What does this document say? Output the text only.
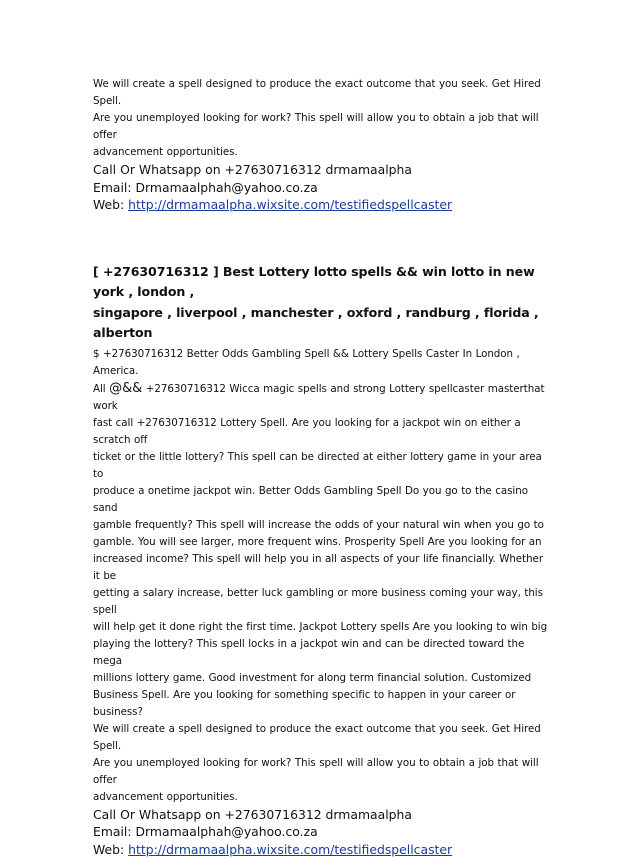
We will create a spell designed to produce the exact outcome that you seek. Get Hired Spell.

Are you unemployed looking for work? This spell will allow you to obtain a job that will offer

advancement opportunities.

Call Or Whatsapp on +27630716312 drmamaalpha

Email: Drmamaalphah@yahoo.co.za

Web: http://drmamaalpha.wixsite.com/testifiedspellcaster

[ +27630716312 ] Best Lottery lotto spells && win lotto in new york , london ,

singapore , liverpool , manchester , oxford , randburg , florida , alberton

$ +27630716312 Better Odds Gambling Spell && Lottery Spells Caster In London , America.

All @&& +27630716312 Wicca magic spells and strong Lottery spellcaster masterthat work

fast call +27630716312 Lottery Spell. Are you looking for a jackpot win on either a scratch off

ticket or the little lottery? This spell can be directed at either lottery game in your area to

produce a onetime jackpot win. Better Odds Gambling Spell Do you go to the casino sand

gamble frequently? This spell will increase the odds of your natural win when you go to

gamble. You will see larger, more frequent wins. Prosperity Spell Are you looking for an

increased income? This spell will help you in all aspects of your life financially. Whether it be

getting a salary increase, better luck gambling or more business coming your way, this spell

will help get it done right the first time. Jackpot Lottery spells Are you looking to win big

playing the lottery? This spell locks in a jackpot win and can be directed toward the mega

millions lottery game. Good investment for along term financial solution. Customized

Business Spell. Are you looking for something specific to happen in your career or business?

We will create a spell designed to produce the exact outcome that you seek. Get Hired Spell.

Are you unemployed looking for work? This spell will allow you to obtain a job that will offer

advancement opportunities.

Call Or Whatsapp on +27630716312 drmamaalpha

Email: Drmamaalphah@yahoo.co.za

Web: http://drmamaalpha.wixsite.com/testifiedspellcaster
